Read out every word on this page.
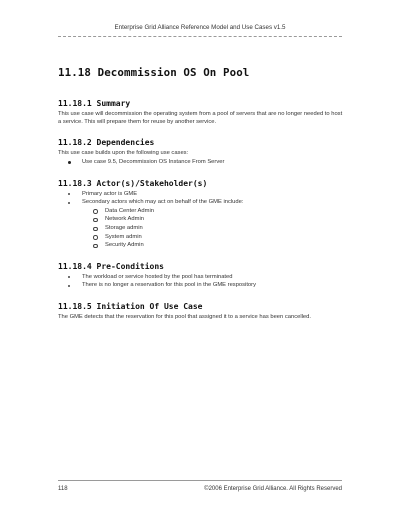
Enterprise Grid Alliance Reference Model and Use Cases v1.5
11.18 Decommission OS On Pool
11.18.1 Summary

This use case will decommission the operating system from a pool of servers that are no longer needed to host a service. This will prepare them for reuse by another service.

11.18.2 Dependencies

This use case builds upon the following use cases:

Use case 9.5, Decommission OS Instance From Server
11.18.3 Actor(s)/Stakeholder(s)
Primary actor is GME
Secondary actors which may act on behalf of the GME include:
Data Center Admin
Network Admin
Storage admin
System admin
Security Admin
11.18.4 Pre-Conditions
The workload or service hosted by the pool has terminated
There is no longer a reservation for this pool in the GME respository
11.18.5 Initiation Of Use Case

The GME detects that the reservation for this pool that assigned it to a service has been cancelled.

118	©2006 Enterprise Grid Alliance. All Rights Reserved
